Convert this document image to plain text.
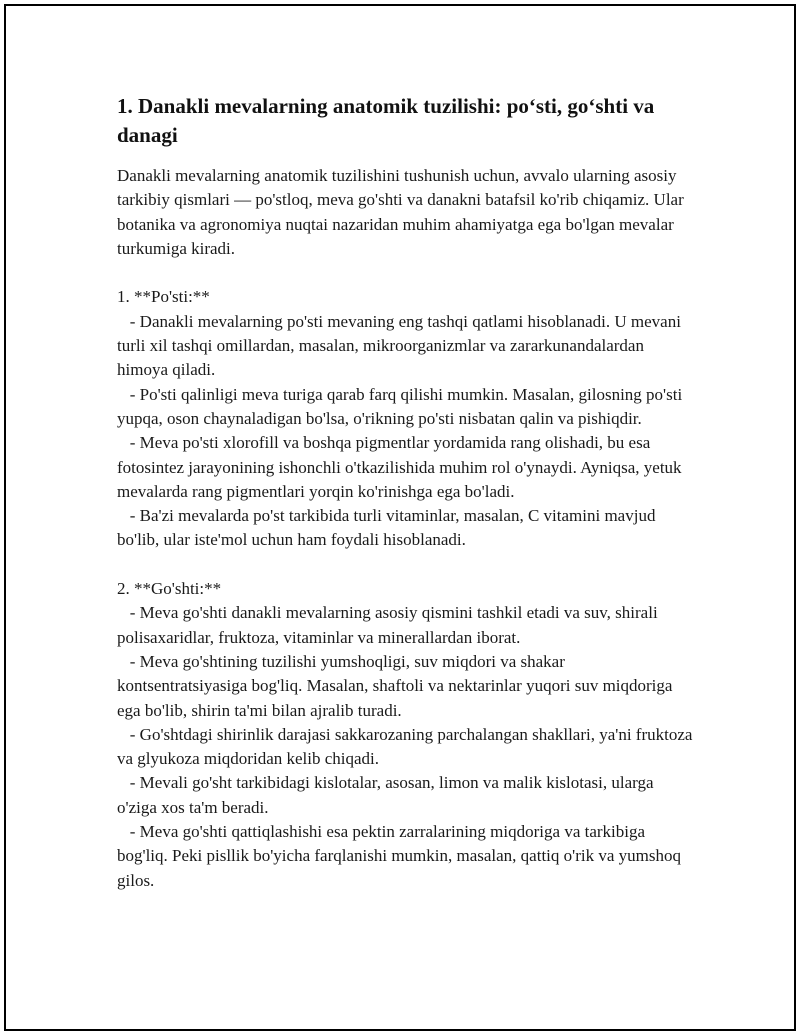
1. Danakli mevalarning anatomik tuzilishi: po‘sti, go‘shti va danagi

Danakli mevalarning anatomik tuzilishini tushunish uchun, avvalo ularning asosiy tarkibiy qismlari — po'stloq, meva go'shti va danakni batafsil ko'rib chiqamiz. Ular botanika va agronomiya nuqtai nazaridan muhim ahamiyatga ega bo'lgan mevalar turkumiga kiradi.

1. **Po'sti:**

- Danakli mevalarning po'sti mevaning eng tashqi qatlami hisoblanadi. U mevani turli xil tashqi omillardan, masalan, mikroorganizmlar va zararkunandalardan himoya qiladi.

- Po'sti qalinligi meva turiga qarab farq qilishi mumkin. Masalan, gilosning po'sti yupqa, oson chaynaladigan bo'lsa, o'rikning po'sti nisbatan qalin va pishiqdir.

- Meva po'sti xlorofill va boshqa pigmentlar yordamida rang olishadi, bu esa fotosintez jarayonining ishonchli o'tkazilishida muhim rol o'ynaydi. Ayniqsa, yetuk mevalarda rang pigmentlari yorqin ko'rinishga ega bo'ladi.

- Ba'zi mevalarda po'st tarkibida turli vitaminlar, masalan, C vitamini mavjud bo'lib, ular iste'mol uchun ham foydali hisoblanadi.

2. **Go'shti:**

- Meva go'shti danakli mevalarning asosiy qismini tashkil etadi va suv, shirali polisaxaridlar, fruktoza, vitaminlar va minerallardan iborat.

- Meva go'shtining tuzilishi yumshoqligi, suv miqdori va shakar kontsentratsiyasiga bog'liq. Masalan, shaftoli va nektarinlar yuqori suv miqdoriga ega bo'lib, shirin ta'mi bilan ajralib turadi.

- Go'shtdagi shirinlik darajasi sakkarozaning parchalangan shakllari, ya'ni fruktoza va glyukoza miqdoridan kelib chiqadi.

- Mevali go'sht tarkibidagi kislotalar, asosan, limon va malik kislotasi, ularga o'ziga xos ta'm beradi.

- Meva go'shti qattiqlashishi esa pektin zarralarining miqdoriga va tarkibiga bog'liq. Peki pisllik bo'yicha farqlanishi mumkin, masalan, qattiq o'rik va yumshoq gilos.
